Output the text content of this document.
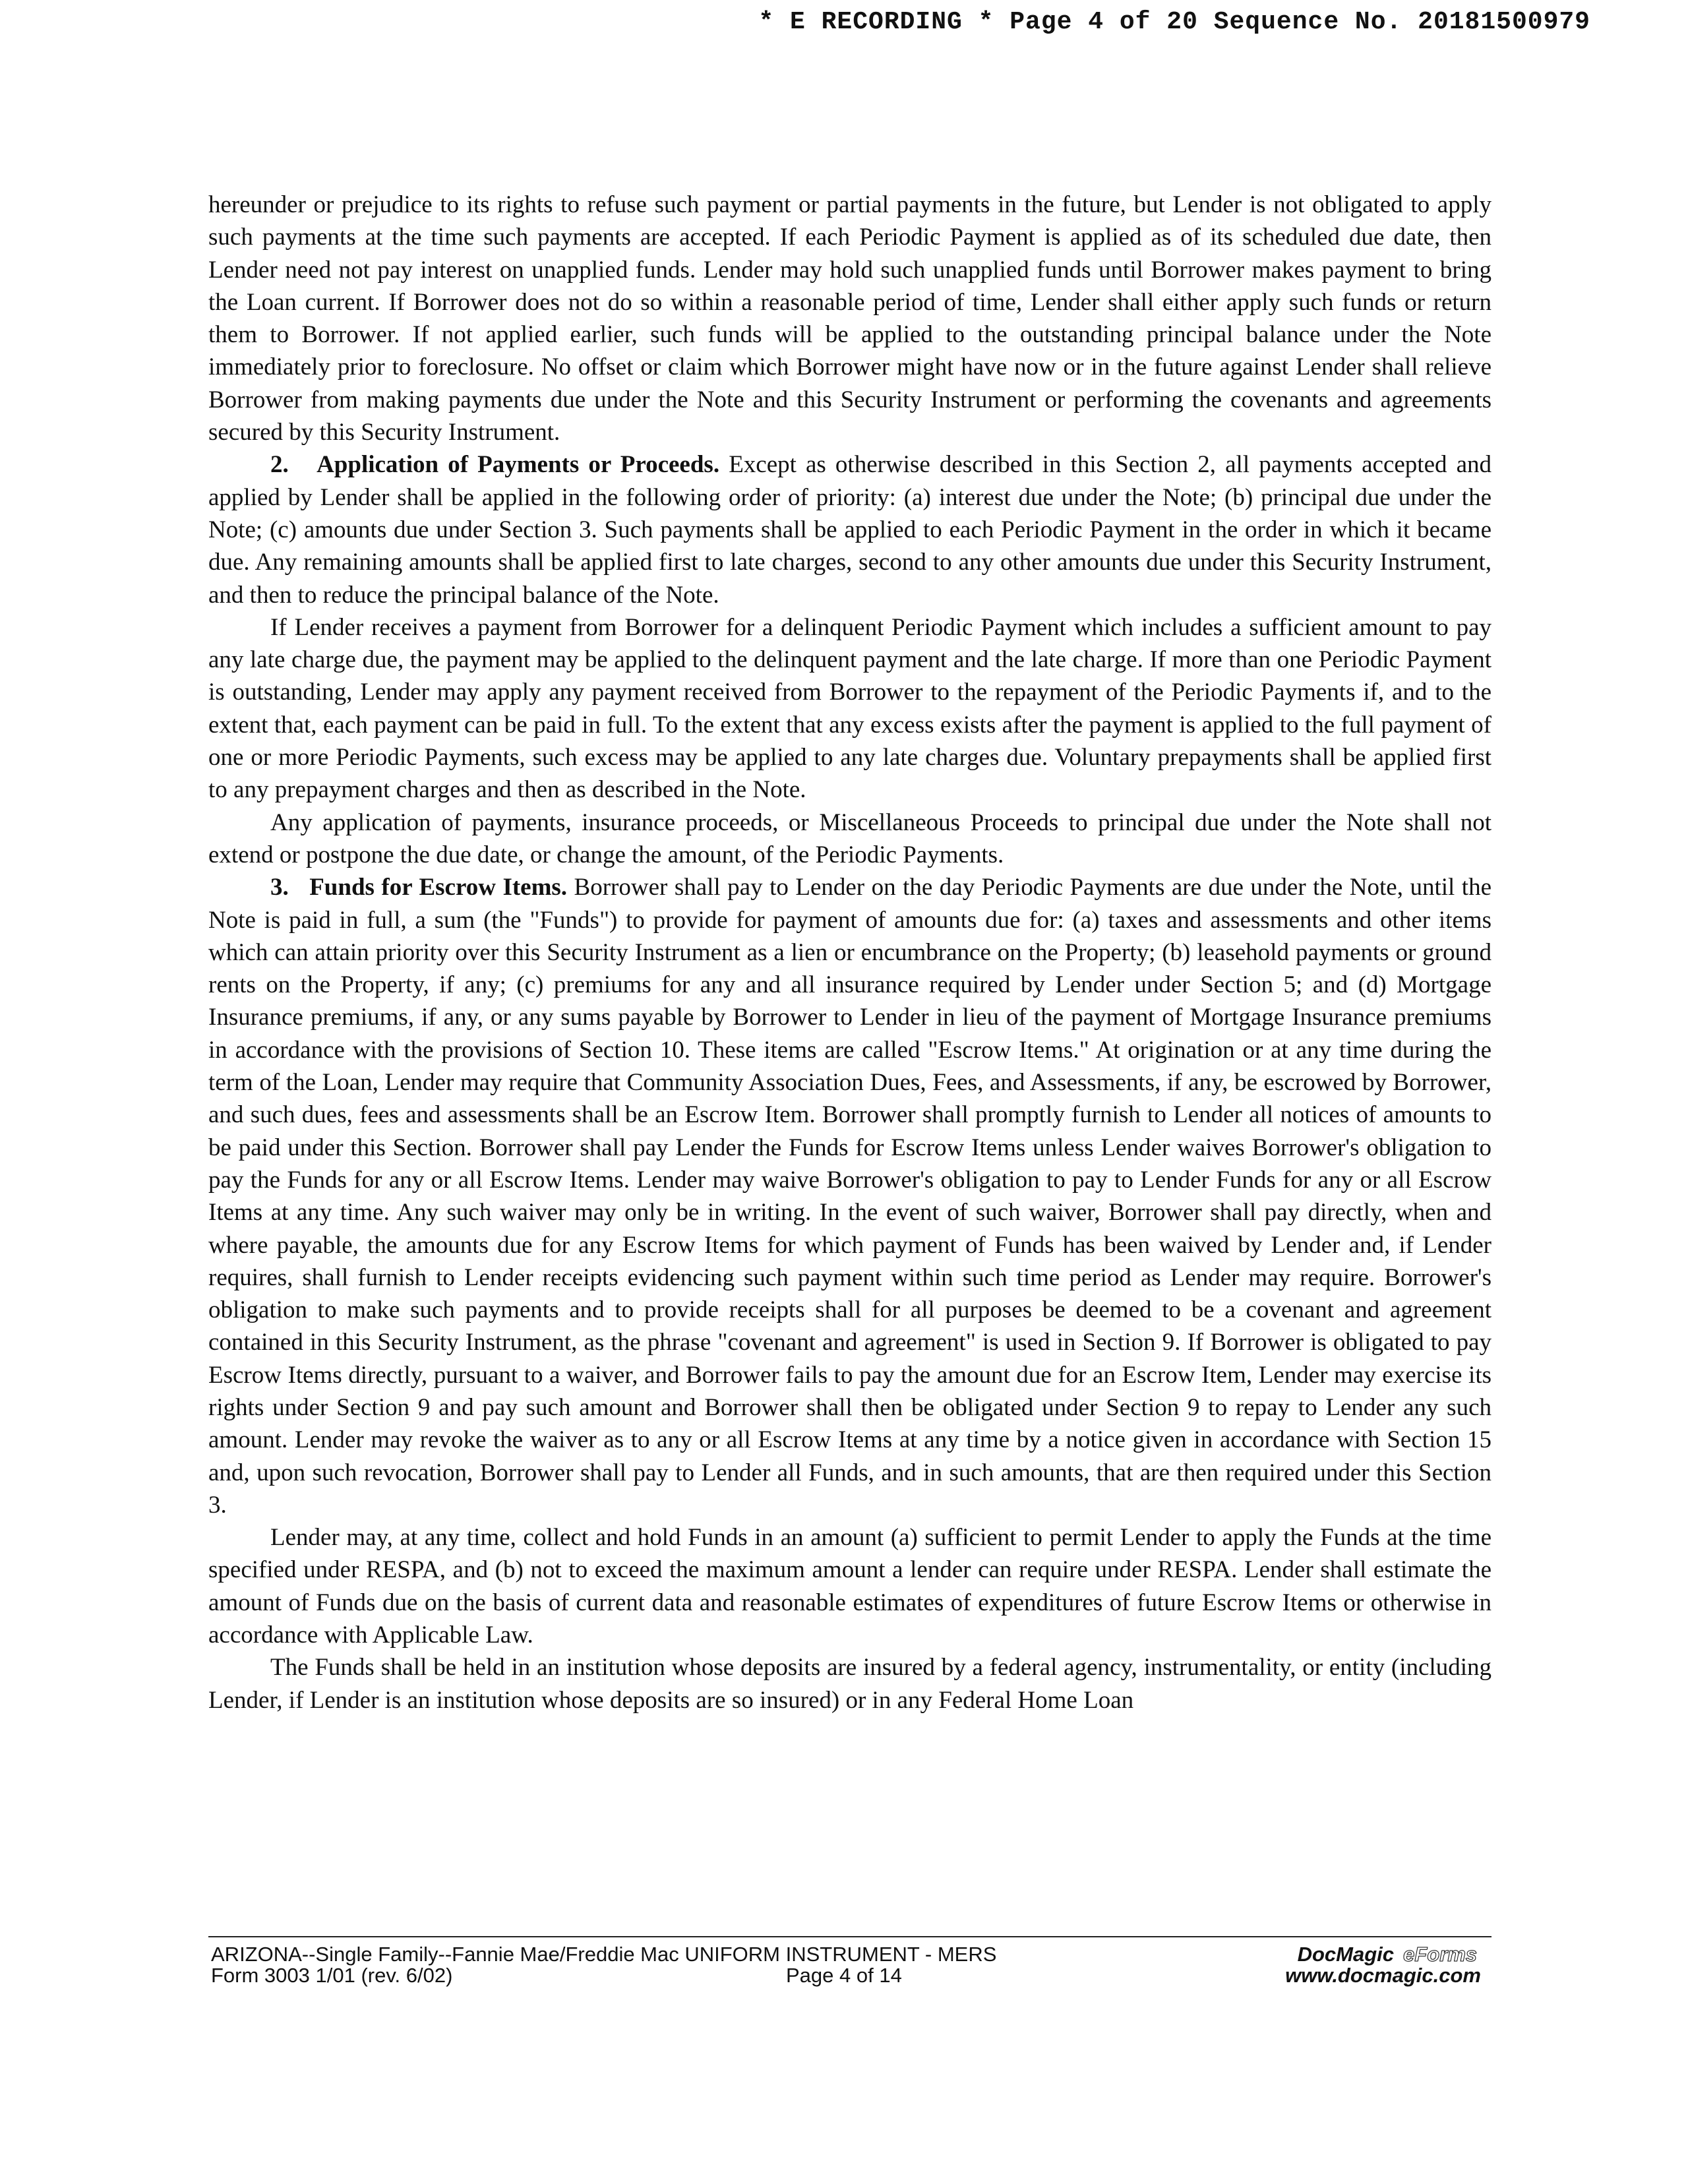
* E RECORDING * Page 4 of 20 Sequence No. 20181500979

hereunder or prejudice to its rights to refuse such payment or partial payments in the future, but Lender is not obligated to apply such payments at the time such payments are accepted. If each Periodic Payment is applied as of its scheduled due date, then Lender need not pay interest on unapplied funds. Lender may hold such unapplied funds until Borrower makes payment to bring the Loan current. If Borrower does not do so within a reasonable period of time, Lender shall either apply such funds or return them to Borrower. If not applied earlier, such funds will be applied to the outstanding principal balance under the Note immediately prior to foreclosure. No offset or claim which Borrower might have now or in the future against Lender shall relieve Borrower from making payments due under the Note and this Security Instrument or performing the covenants and agreements secured by this Security Instrument.

2. Application of Payments or Proceeds. Except as otherwise described in this Section 2, all payments accepted and applied by Lender shall be applied in the following order of priority: (a) interest due under the Note; (b) principal due under the Note; (c) amounts due under Section 3. Such payments shall be applied to each Periodic Payment in the order in which it became due. Any remaining amounts shall be applied first to late charges, second to any other amounts due under this Security Instrument, and then to reduce the principal balance of the Note.

If Lender receives a payment from Borrower for a delinquent Periodic Payment which includes a sufficient amount to pay any late charge due, the payment may be applied to the delinquent payment and the late charge. If more than one Periodic Payment is outstanding, Lender may apply any payment received from Borrower to the repayment of the Periodic Payments if, and to the extent that, each payment can be paid in full. To the extent that any excess exists after the payment is applied to the full payment of one or more Periodic Payments, such excess may be applied to any late charges due. Voluntary prepayments shall be applied first to any prepayment charges and then as described in the Note.

Any application of payments, insurance proceeds, or Miscellaneous Proceeds to principal due under the Note shall not extend or postpone the due date, or change the amount, of the Periodic Payments.

3. Funds for Escrow Items. Borrower shall pay to Lender on the day Periodic Payments are due under the Note, until the Note is paid in full, a sum (the "Funds") to provide for payment of amounts due for: (a) taxes and assessments and other items which can attain priority over this Security Instrument as a lien or encumbrance on the Property; (b) leasehold payments or ground rents on the Property, if any; (c) premiums for any and all insurance required by Lender under Section 5; and (d) Mortgage Insurance premiums, if any, or any sums payable by Borrower to Lender in lieu of the payment of Mortgage Insurance premiums in accordance with the provisions of Section 10. These items are called "Escrow Items." At origination or at any time during the term of the Loan, Lender may require that Community Association Dues, Fees, and Assessments, if any, be escrowed by Borrower, and such dues, fees and assessments shall be an Escrow Item. Borrower shall promptly furnish to Lender all notices of amounts to be paid under this Section. Borrower shall pay Lender the Funds for Escrow Items unless Lender waives Borrower's obligation to pay the Funds for any or all Escrow Items. Lender may waive Borrower's obligation to pay to Lender Funds for any or all Escrow Items at any time. Any such waiver may only be in writing. In the event of such waiver, Borrower shall pay directly, when and where payable, the amounts due for any Escrow Items for which payment of Funds has been waived by Lender and, if Lender requires, shall furnish to Lender receipts evidencing such payment within such time period as Lender may require. Borrower's obligation to make such payments and to provide receipts shall for all purposes be deemed to be a covenant and agreement contained in this Security Instrument, as the phrase "covenant and agreement" is used in Section 9. If Borrower is obligated to pay Escrow Items directly, pursuant to a waiver, and Borrower fails to pay the amount due for an Escrow Item, Lender may exercise its rights under Section 9 and pay such amount and Borrower shall then be obligated under Section 9 to repay to Lender any such amount. Lender may revoke the waiver as to any or all Escrow Items at any time by a notice given in accordance with Section 15 and, upon such revocation, Borrower shall pay to Lender all Funds, and in such amounts, that are then required under this Section 3.

Lender may, at any time, collect and hold Funds in an amount (a) sufficient to permit Lender to apply the Funds at the time specified under RESPA, and (b) not to exceed the maximum amount a lender can require under RESPA. Lender shall estimate the amount of Funds due on the basis of current data and reasonable estimates of expenditures of future Escrow Items or otherwise in accordance with Applicable Law.

The Funds shall be held in an institution whose deposits are insured by a federal agency, instrumentality, or entity (including Lender, if Lender is an institution whose deposits are so insured) or in any Federal Home Loan

ARIZONA--Single Family--Fannie Mae/Freddie Mac UNIFORM INSTRUMENT - MERS
Form 3003 1/01 (rev. 6/02)	Page 4 of 14
DocMagic eForms
www.docmagic.com
